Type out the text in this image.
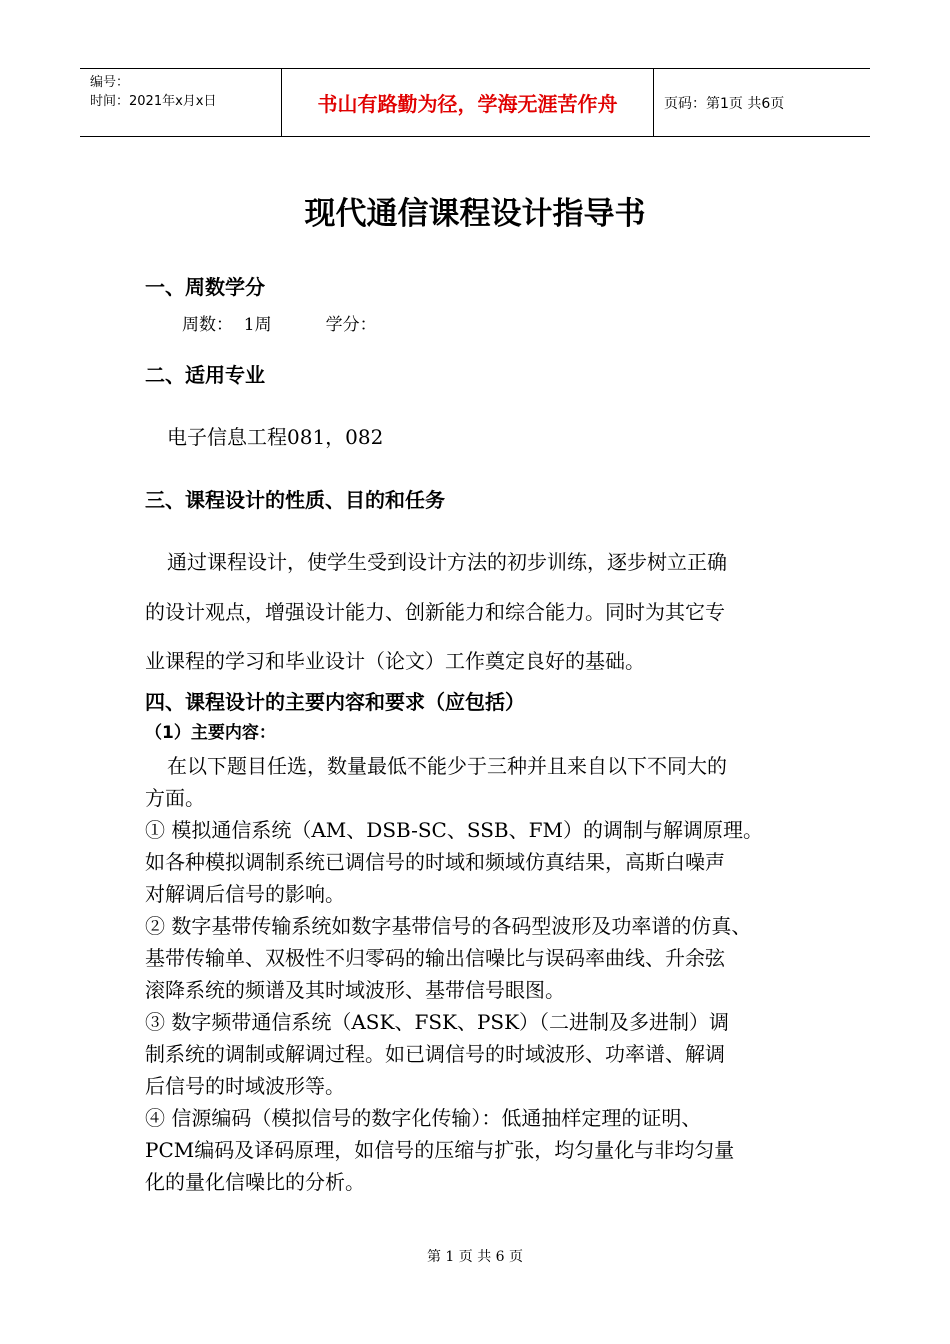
编号：
时间：2021年x月x日	书山有路勤为径，学海无涯苦作舟	页码：第1页 共6页
现代通信课程设计指导书
一、周数学分
周数：  1周          学分：
二、适用专业
电子信息工程081，082
三、课程设计的性质、目的和任务
通过课程设计，使学生受到设计方法的初步训练，逐步树立正确
的设计观点，增强设计能力、创新能力和综合能力。同时为其它专
业课程的学习和毕业设计（论文）工作奠定良好的基础。
四、课程设计的主要内容和要求（应包括）
（1）主要内容：
在以下题目任选，数量最低不能少于三种并且来自以下不同大的
方面。
① 模拟通信系统（AM、DSB-SC、SSB、FM）的调制与解调原理。
如各种模拟调制系统已调信号的时域和频域仿真结果，高斯白噪声
对解调后信号的影响。
② 数字基带传输系统如数字基带信号的各码型波形及功率谱的仿真、
基带传输单、双极性不归零码的输出信噪比与误码率曲线、升余弦
滚降系统的频谱及其时域波形、基带信号眼图。
③ 数字频带通信系统（ASK、FSK、PSK）（二进制及多进制）调
制系统的调制或解调过程。如已调信号的时域波形、功率谱、解调
后信号的时域波形等。
④ 信源编码（模拟信号的数字化传输）：低通抽样定理的证明、
PCM编码及译码原理，如信号的压缩与扩张，均匀量化与非均匀量
化的量化信噪比的分析。
第 1 页 共 6 页
